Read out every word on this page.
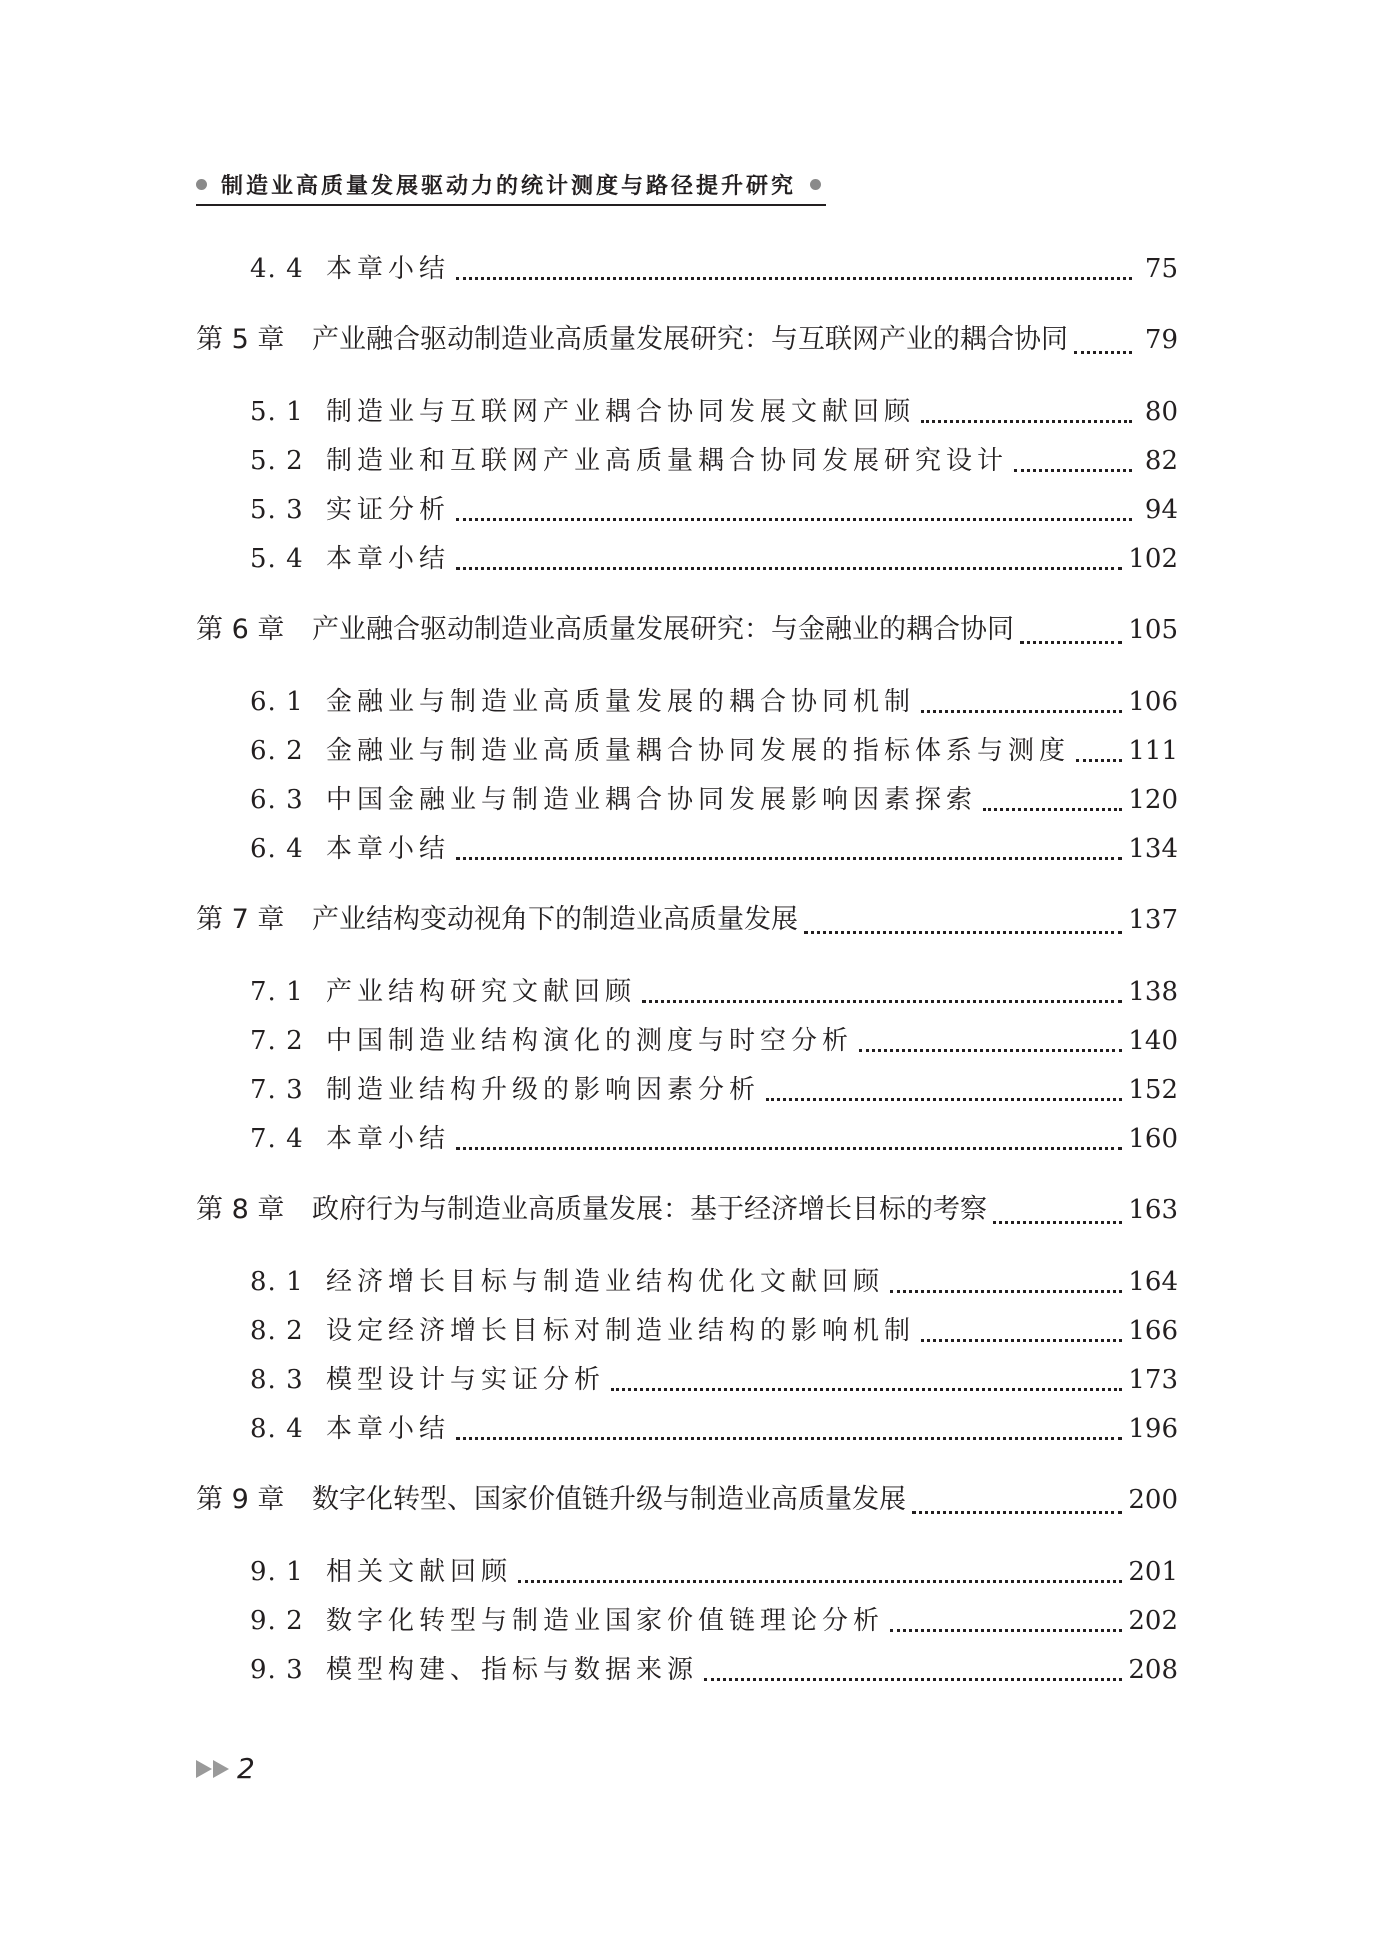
制造业高质量发展驱动力的统计测度与路径提升研究
4. 4 本章小结	75
第 5 章	产业融合驱动制造业高质量发展研究：与互联网产业的耦合协同	79
5. 1 制造业与互联网产业耦合协同发展文献回顾	80
5. 2 制造业和互联网产业高质量耦合协同发展研究设计	82
5. 3 实证分析	94
5. 4 本章小结	102
第 6 章	产业融合驱动制造业高质量发展研究：与金融业的耦合协同	105
6. 1 金融业与制造业高质量发展的耦合协同机制	106
6. 2 金融业与制造业高质量耦合协同发展的指标体系与测度 111
6. 3 中国金融业与制造业耦合协同发展影响因素探索	120
6. 4 本章小结	134
第 7 章	产业结构变动视角下的制造业高质量发展	137
7. 1 产业结构研究文献回顾	138
7. 2 中国制造业结构演化的测度与时空分析	140
7. 3 制造业结构升级的影响因素分析	152
7. 4 本章小结	160
第 8 章	政府行为与制造业高质量发展：基于经济增长目标的考察	163
8. 1 经济增长目标与制造业结构优化文献回顾	164
8. 2 设定经济增长目标对制造业结构的影响机制	166
8. 3 模型设计与实证分析	173
8. 4 本章小结	196
第 9 章	数字化转型、国家价值链升级与制造业高质量发展	200
9. 1 相关文献回顾	201
9. 2 数字化转型与制造业国家价值链理论分析	202
9. 3 模型构建、指标与数据来源	208
2
